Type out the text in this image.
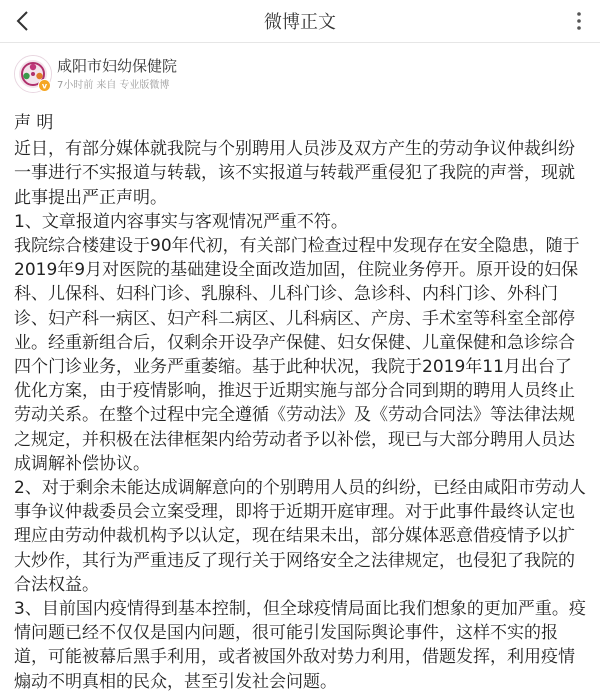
微博正文
v
咸阳市妇幼保健院
7小时前 来自 专业版微博

声 明

近日，有部分媒体就我院与个别聘用人员涉及双方产生的劳动争议仲裁纠纷一事进行不实报道与转载，该不实报道与转载严重侵犯了我院的声誉，现就此事提出严正声明。

1、文章报道内容事实与客观情况严重不符。

我院综合楼建设于90年代初，有关部门检查过程中发现存在安全隐患，随于2019年9月对医院的基础建设全面改造加固，住院业务停开。原开设的妇保科、儿保科、妇科门诊、乳腺科、儿科门诊、急诊科、内科门诊、外科门诊、妇产科一病区、妇产科二病区、儿科病区、产房、手术室等科室全部停业。经重新组合后，仅剩余开设孕产保健、妇女保健、儿童保健和急诊综合四个门诊业务，业务严重萎缩。基于此种状况，我院于2019年11月出台了优化方案，由于疫情影响，推迟于近期实施与部分合同到期的聘用人员终止劳动关系。在整个过程中完全遵循《劳动法》及《劳动合同法》等法律法规之规定，并积极在法律框架内给劳动者予以补偿，现已与大部分聘用人员达成调解补偿协议。

2、对于剩余未能达成调解意向的个别聘用人员的纠纷，已经由咸阳市劳动人事争议仲裁委员会立案受理，即将于近期开庭审理。对于此事件最终认定也理应由劳动仲裁机构予以认定，现在结果未出，部分媒体恶意借疫情予以扩大炒作，其行为严重违反了现行关于网络安全之法律规定，也侵犯了我院的合法权益。

3、目前国内疫情得到基本控制，但全球疫情局面比我们想象的更加严重。疫情问题已经不仅仅是国内问题，很可能引发国际舆论事件，这样不实的报道，可能被幕后黑手利用，或者被国外敌对势力利用，借题发挥，利用疫情煽动不明真相的民众，甚至引发社会问题。
